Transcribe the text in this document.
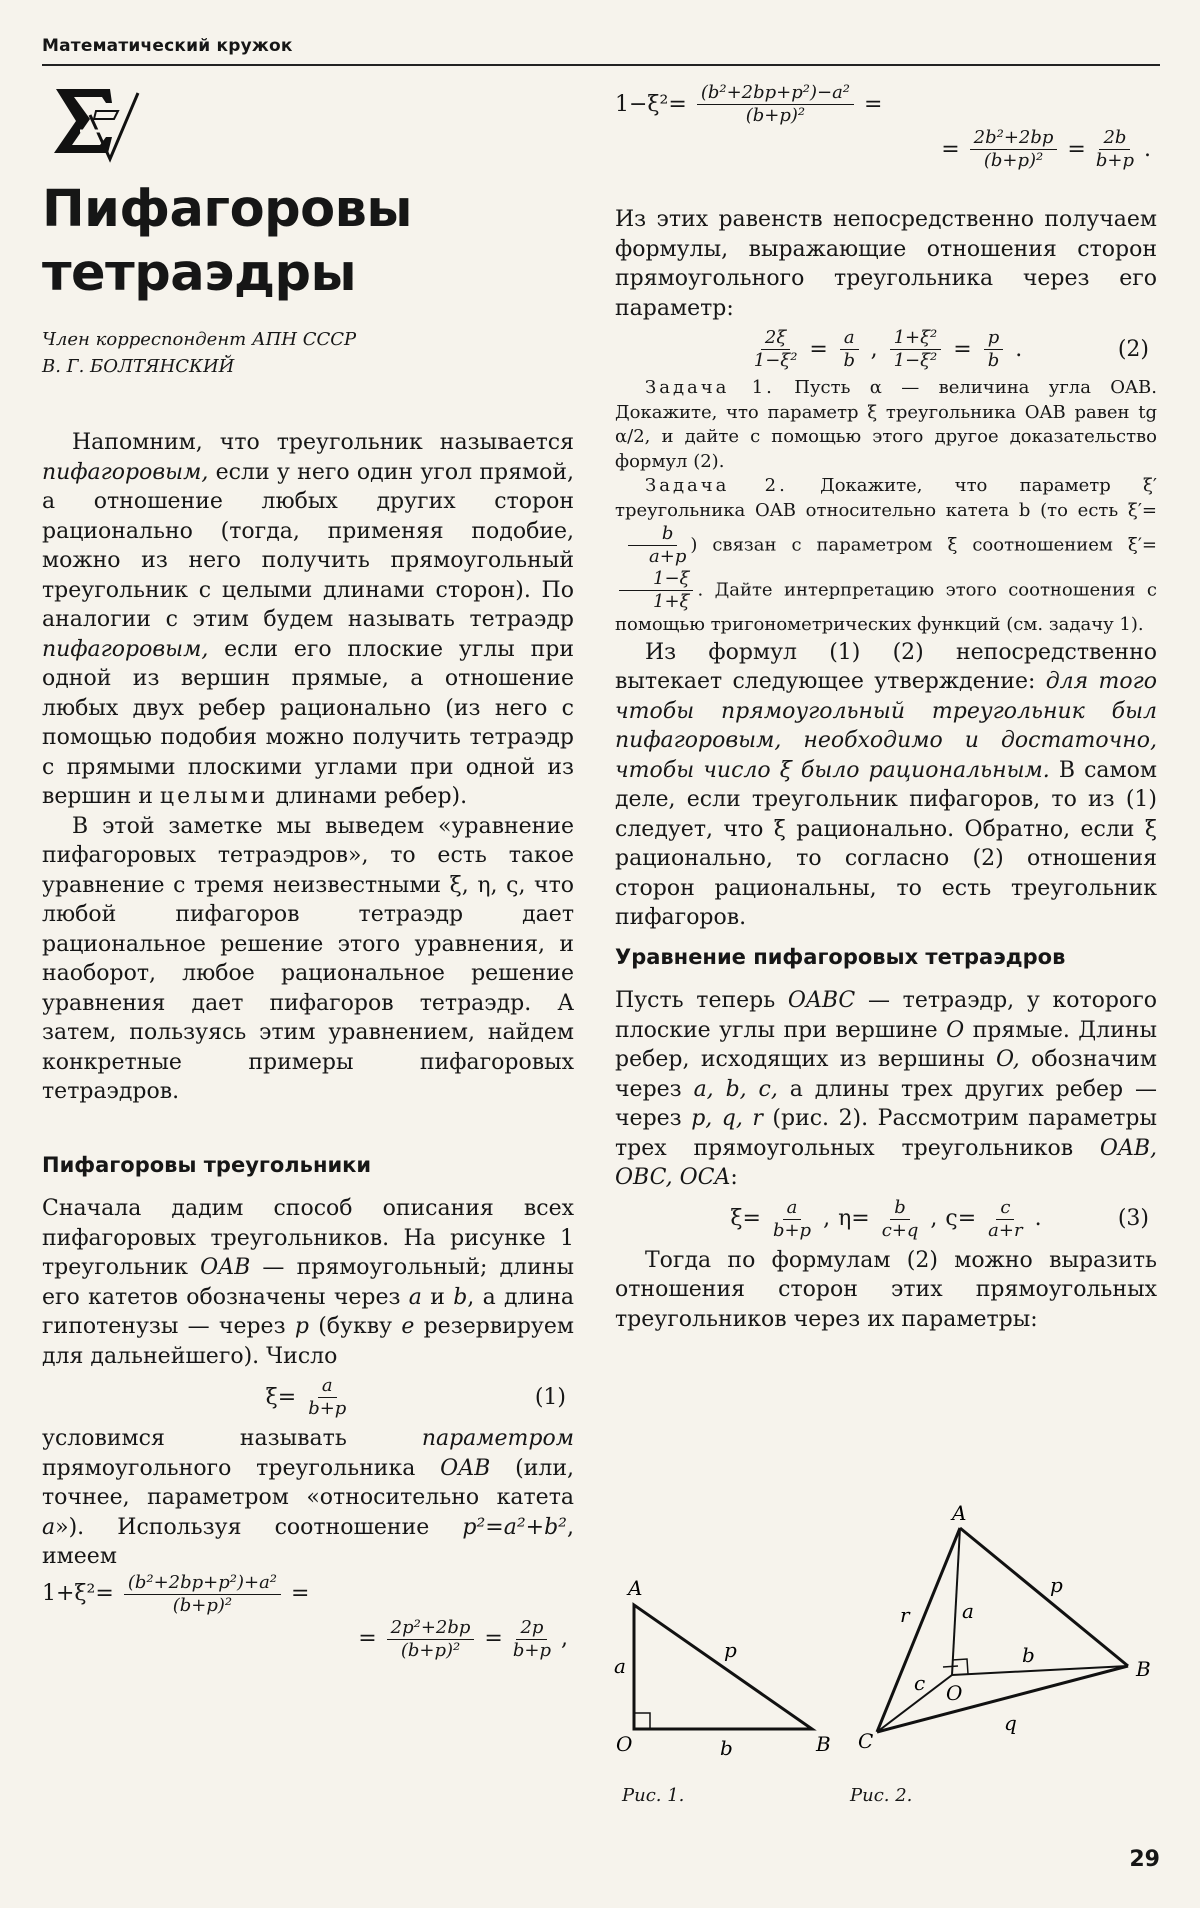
Математический кружок
Пифагоровы
тетраэдры
Член корреспондент АПН СССР
В. Г. БОЛТЯНСКИЙ

Напомним, что треугольник называется пифагоровым, если у него один угол прямой, а отношение любых других сторон рационально (тогда, применяя подобие, можно из него получить прямоугольный треугольник с целыми длинами сторон). По аналогии с этим будем называть тетраэдр пифагоровым, если его плоские углы при одной из вершин прямые, а отношение любых двух ребер рационально (из него с помощью подобия можно получить тетраэдр с прямыми плоскими углами при одной из вершин и целыми длинами ребер).

В этой заметке мы выведем «уравнение пифагоровых тетраэдров», то есть такое уравнение с тремя неизвестными ξ, η, ς, что любой пифагоров тетраэдр дает рациональное решение этого уравнения, и наоборот, любое рациональное решение уравнения дает пифагоров тетраэдр. А затем, пользуясь этим уравнением, найдем конкретные примеры пифагоровых тетраэдров.

Пифагоровы треугольники

Сначала дадим способ описания всех пифагоровых треугольников. На рисунке 1 треугольник OAB — прямоугольный; длины его катетов обозначены через a и b, а длина гипотенузы — через p (букву e резервируем для дальнейшего). Число

$\xi= \frac{a}{b+p}$	(1)

условимся называть параметром прямоугольного треугольника OAB (или, точнее, параметром «относительно катета a»). Используя соотношение p²=a²+b², имеем

$1+\xi^2= \frac{\text{(b²+2bp+p²)+a²}}{\text{(b+p)²}}$ =
= $\frac{\text{2p²+2bp}}{\text{(b+p)²}} = \frac{2p}{b+p}$ ,
$1-\xi^2= \frac{\text{(b²+2bp+p²)−a²}}{\text{(b+p)²}}$ =
= $\frac{\text{2b²+2bp}}{\text{(b+p)²}} = \frac{2b}{b+p}$ .

Из этих равенств непосредственно получаем формулы, выражающие отношения сторон прямоугольного треугольника через его параметр:

$\frac{2\xi}{\text{1−ξ²}} = \frac{a}{b}$ , $\frac{\text{1+ξ²}}{\text{1−ξ²}} = \frac{p}{b}$ .	(2)

Задача 1. Пусть α — величина угла OAB. Докажите, что параметр ξ треугольника OAB равен tg α/2, и дайте с помощью этого другое доказательство формул (2).

Задача 2. Докажите, что параметр ξ′ треугольника OAB относительно катета b (то есть ξ′=
$\frac{b}{a+p}$ ) связан с параметром ξ соотношением ξ′=
$\frac{1-\xi}{1+\xi}$ . Дайте интерпретацию этого соотношения с помощью тригонометрических функций (см. задачу 1).

Из формул (1) (2) непосредственно вытекает следующее утверждение: для того чтобы прямоугольный треугольник был пифагоровым, необходимо и достаточно, чтобы число ξ было рациональным. В самом деле, если треугольник пифагоров, то из (1) следует, что ξ рационально. Обратно, если ξ рационально, то согласно (2) отношения сторон рациональны, то есть треугольник пифагоров.

Уравнение пифагоровых тетраэдров

Пусть теперь OABC — тетраэдр, у которого плоские углы при вершине O прямые. Длины ребер, исходящих из вершины O, обозначим через a, b, c, а длины трех других ребер — через p, q, r (рис. 2). Рассмотрим параметры трех прямоугольных треугольников OAB, OBC, OCA:

$\xi= \frac{a}{b+p}$ , $\eta= \frac{b}{c+q}$ , $\varsigma= \frac{c}{a+r}$ .	(3)

Тогда по формулам (2) можно выразить отношения сторон этих прямоугольных треугольников через их параметры:

A
O	B
a
b
p
Рис. 1.
A
B
C
O
a
b
c
p
q
r
Рис. 2.
29
